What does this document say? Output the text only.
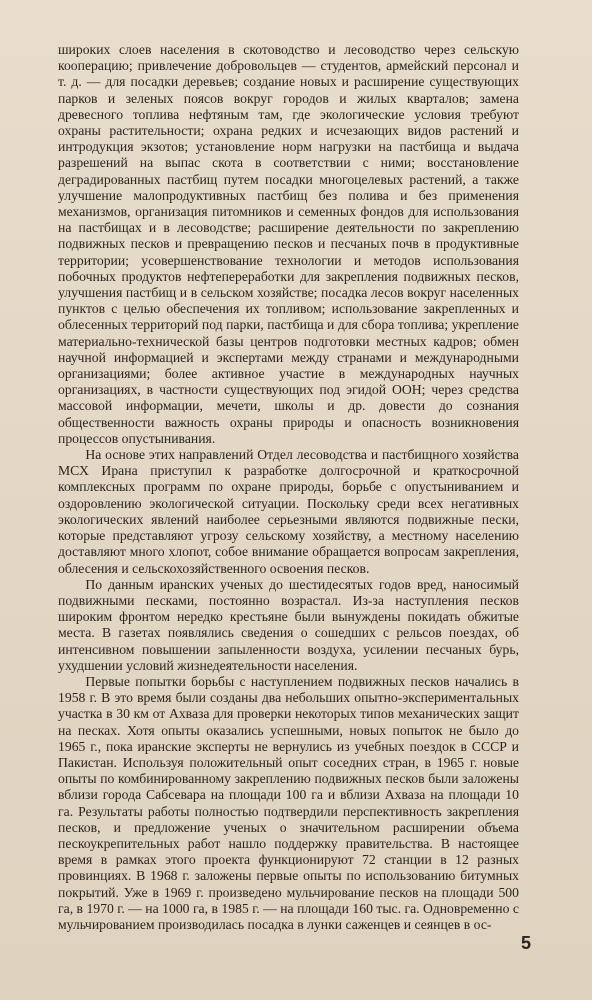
широких слоев населения в скотоводство и лесоводство через сельскую кооперацию; привлечение добровольцев — студентов, армейский персонал и т. д. — для посадки деревьев; создание новых и расширение существующих парков и зеленых поясов вокруг городов и жилых кварталов; замена древесного топлива нефтяным там, где экологические условия требуют охраны растительности; охрана редких и исчезающих видов растений и интродукция экзотов; установление норм нагрузки на пастбища и выдача разрешений на выпас скота в соответствии с ними; восстановление деградированных пастбищ путем посадки многоцелевых растений, а также улучшение малопродуктивных пастбищ без полива и без применения механизмов, организация питомников и семенных фондов для использования на пастбищах и в лесоводстве; расширение деятельности по закреплению подвижных песков и превращению песков и песчаных почв в продуктивные территории; усовершенствование технологии и методов использования побочных продуктов нефтепереработки для закрепления подвижных песков, улучшения пастбищ и в сельском хозяйстве; посадка лесов вокруг населенных пунктов с целью обеспечения их топливом; использование закрепленных и облесенных территорий под парки, пастбища и для сбора топлива; укрепление материально-технической базы центров подготовки местных кадров; обмен научной информацией и экспертами между странами и международными организациями; более активное участие в международных научных организациях, в частности существующих под эгидой ООН; через средства массовой информации, мечети, школы и др. довести до сознания общественности важность охраны природы и опасность возникновения процессов опустынивания.

На основе этих направлений Отдел лесоводства и пастбищного хозяйства МСХ Ирана приступил к разработке долгосрочной и краткосрочной комплексных программ по охране природы, борьбе с опустыниванием и оздоровлению экологической ситуации. Поскольку среди всех негативных экологических явлений наиболее серьезными являются подвижные пески, которые представляют угрозу сельскому хозяйству, а местному населению доставляют много хлопот, собое внимание обращается вопросам закрепления, облесения и сельскохозяйственного освоения песков.

По данным иранских ученых до шестидесятых годов вред, наносимый подвижными песками, постоянно возрастал. Из-за наступления песков широким фронтом нередко крестьяне были вынуждены покидать обжитые места. В газетах появлялись сведения о сошедших с рельсов поездах, об интенсивном повышении запыленности воздуха, усилении песчаных бурь, ухудшении условий жизнедеятельности населения.

Первые попытки борьбы с наступлением подвижных песков начались в 1958 г. В это время были созданы два небольших опытно-экспериментальных участка в 30 км от Ахваза для проверки некоторых типов механических защит на песках. Хотя опыты оказались успешными, новых попыток не было до 1965 г., пока иранские эксперты не вернулись из учебных поездок в СССР и Пакистан. Используя положительный опыт соседних стран, в 1965 г. новые опыты по комбинированному закреплению подвижных песков были заложены вблизи города Сабсевара на площади 100 га и вблизи Ахваза на площади 10 га. Результаты работы полностью подтвердили перспективность закрепления песков, и предложение ученых о значительном расширении объема пескоукрепительных работ нашло поддержку правительства. В настоящее время в рамках этого проекта функционируют 72 станции в 12 разных провинциях. В 1968 г. заложены первые опыты по использованию битумных покрытий. Уже в 1969 г. произведено мульчирование песков на площади 500 га, в 1970 г. — на 1000 га, в 1985 г. — на площади 160 тыс. га. Одновременно с мульчированием производилась посадка в лунки саженцев и сеянцев в ос-

5
